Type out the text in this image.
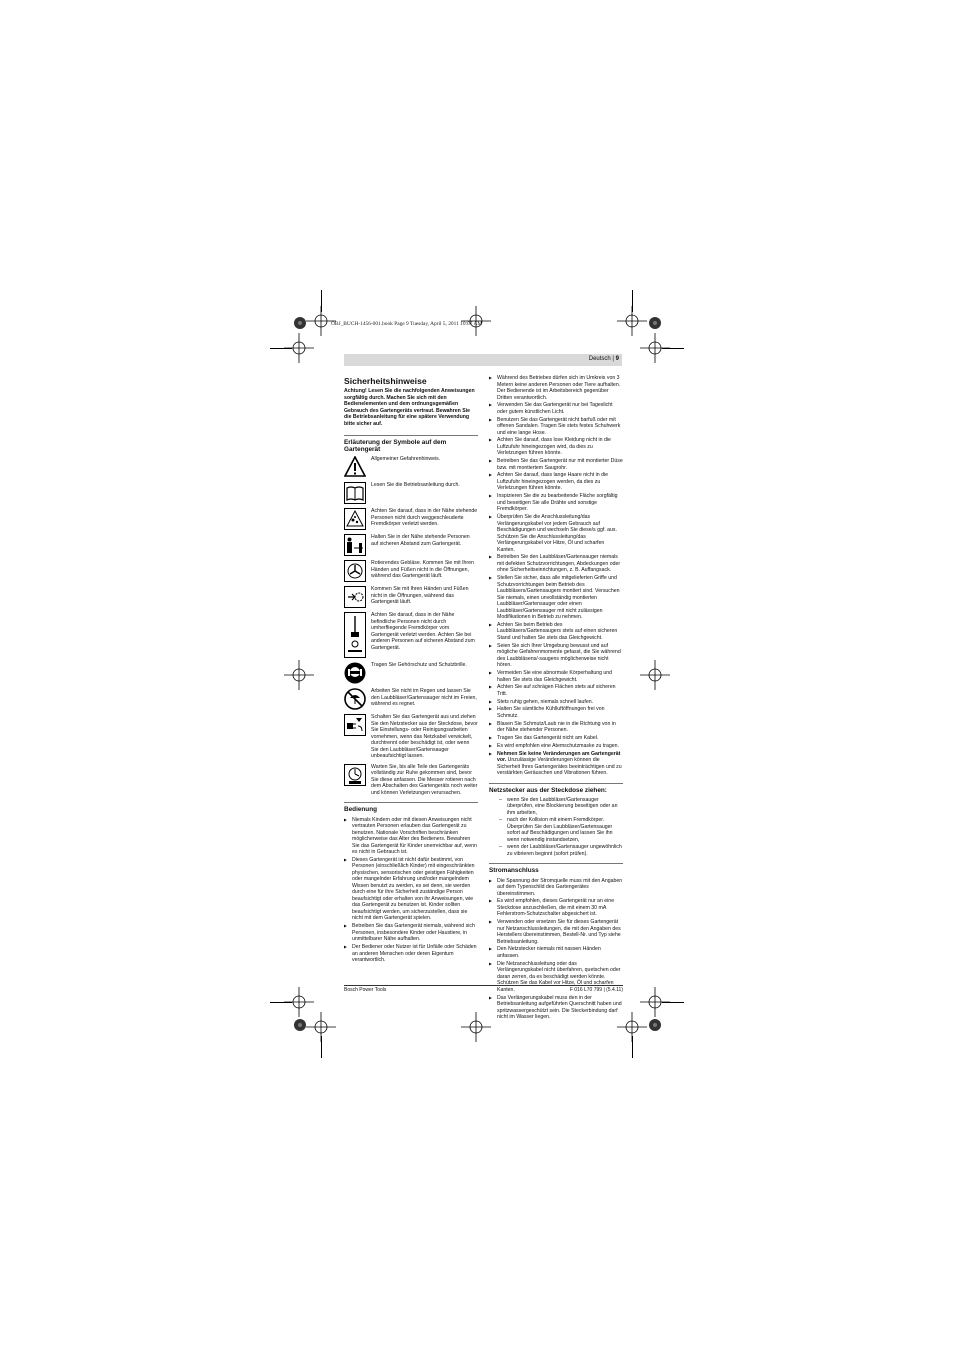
OBJ_BUCH-1456-001.book Page 9 Tuesday, April 5, 2011 10:07 AM
Deutsch | 9
Sicherheitshinweise

Achtung! Lesen Sie die nachfolgenden Anweisungen sorgfältig durch. Machen Sie sich mit den Bedienelementen und dem ordnungsgemäßen Gebrauch des Gartengeräts vertraut. Bewahren Sie die Betriebsanleitung für eine spätere Verwendung bitte sicher auf.

Erläuterung der Symbole auf dem Gartengerät
Allgemeiner Gefahrenhinweis.
Lesen Sie die Betriebsanleitung durch.
Achten Sie darauf, dass in der Nähe stehende Personen nicht durch weggeschleuderte Fremdkörper verletzt werden.
Halten Sie in der Nähe stehende Personen auf sicheren Abstand zum Gartengerät.
Rotierendes Gebläse. Kommen Sie mit Ihren Händen und Füßen nicht in die Öffnungen, während das Gartengerät läuft.
Kommen Sie mit Ihren Händen und Füßen nicht in die Öffnungen, während das Gartengerät läuft.
Achten Sie darauf, dass in der Nähe befindliche Personen nicht durch umherfliegende Fremdkörper vom Gartengerät verletzt werden. Achten Sie bei anderen Personen auf sicheren Abstand zum Gartengerät.
Tragen Sie Gehörschutz und Schutzbrille.
Arbeiten Sie nicht im Regen und lassen Sie den Laubbläser/Gartensauger nicht im Freien, während es regnet.
Schalten Sie das Gartengerät aus und ziehen Sie den Netzstecker aus der Steckdose, bevor Sie Einstellungs- oder Reinigungsarbeiten vornehmen, wenn das Netzkabel verwickelt, durchtrennt oder beschädigt ist, oder wenn Sie den Laubbläser/Gartensauger unbeaufsichtigt lassen.
Warten Sie, bis alle Teile des Gartengeräts vollständig zur Ruhe gekommen sind, bevor Sie diese anfassen. Die Messer rotieren nach dem Abschalten des Gartengeräts noch weiter und können Verletzungen verursachen.
Bedienung
▶ Niemals Kindern oder mit diesen Anweisungen nicht vertrauten Personen erlauben das Gartengerät zu benutzen. Nationale Vorschriften beschränken möglicherweise das Alter des Bedieners. Bewahren Sie das Gartengerät für Kinder unerreichbar auf, wenn es nicht in Gebrauch ist.
▶ Dieses Gartengerät ist nicht dafür bestimmt, von Personen (einschließlich Kinder) mit eingeschränkten physischen, sensorischen oder geistigen Fähigkeiten oder mangelnder Erfahrung und/oder mangelndem Wissen benutzt zu werden, es sei denn, sie werden durch eine für ihre Sicherheit zuständige Person beaufsichtigt oder erhalten von ihr Anweisungen, wie das Gartengerät zu benutzen ist. Kinder sollten beaufsichtigt werden, um sicherzustellen, dass sie nicht mit dem Gartengerät spielen.
▶ Betreiben Sie das Gartengerät niemals, während sich Personen, insbesondere Kinder oder Haustiere, in unmittelbarer Nähe aufhalten.
▶ Der Bediener oder Nutzer ist für Unfälle oder Schäden an anderen Menschen oder deren Eigentum verantwortlich.
▶ Während des Betriebes dürfen sich im Umkreis von 3 Metern keine anderen Personen oder Tiere aufhalten. Der Bedienende ist im Arbeitsbereich gegenüber Dritten verantwortlich.
▶ Verwenden Sie das Gartengerät nur bei Tageslicht oder gutem künstlichen Licht.
▶ Benutzen Sie das Gartengerät nicht barfuß oder mit offenen Sandalen. Tragen Sie stets festes Schuhwerk und eine lange Hose.
▶ Achten Sie darauf, dass lose Kleidung nicht in die Luftzufuhr hineingezogen wird, da dies zu Verletzungen führen könnte.
▶ Betreiben Sie das Gartengerät nur mit montierter Düse bzw. mit montiertem Saugrohr.
▶ Achten Sie darauf, dass lange Haare nicht in die Luftzufuhr hineingezogen werden, da dies zu Verletzungen führen könnte.
▶ Inspizieren Sie die zu bearbeitende Fläche sorgfältig und beseitigen Sie alle Drähte und sonstige Fremdkörper.
▶ Überprüfen Sie die Anschlussleitung/das Verlängerungskabel vor jedem Gebrauch auf Beschädigungen und wechseln Sie diese/s ggf. aus. Schützen Sie die Anschlussleitung/das Verlängerungskabel vor Hitze, Öl und scharfen Kanten.
▶ Betreiben Sie den Laubbläser/Gartensauger niemals mit defekten Schutzvorrichtungen, Abdeckungen oder ohne Sicherheitseinrichtungen, z. B. Auffangsack.
▶ Stellen Sie sicher, dass alle mitgelieferten Griffe und Schutzvorrichtungen beim Betrieb des Laubbläsers/Gartensaugers montiert sind. Versuchen Sie niemals, einen unvollständig montierten Laubbläser/Gartensauger oder einen Laubbläser/Gartensauger mit nicht zulässigen Modifikationen in Betrieb zu nehmen.
▶ Achten Sie beim Betrieb des Laubbläsers/Gartensaugers stets auf einen sicheren Stand und halten Sie stets das Gleichgewicht.
▶ Seien Sie sich Ihrer Umgebung bewusst und auf mögliche Gefahrenmomente gefasst, die Sie während des Laubbläsens/-saugens möglicherweise nicht hören.
▶ Vermeiden Sie eine abnormale Körperhaltung und halten Sie stets das Gleichgewicht.
▶ Achten Sie auf schrägen Flächen stets auf sicheren Tritt.
▶ Stets ruhig gehen, niemals schnell laufen.
▶ Halten Sie sämtliche Kühlluftöffnungen frei von Schmutz.
▶ Blasen Sie Schmutz/Laub nie in die Richtung von in der Nähe stehender Personen.
▶ Tragen Sie das Gartengerät nicht am Kabel.
▶ Es wird empfohlen eine Atemschutzmaske zu tragen.
▶ Nehmen Sie keine Veränderungen am Gartengerät vor. Unzulässige Veränderungen können die Sicherheit Ihres Gartengerätes beeinträchtigen und zu verstärkten Geräuschen und Vibrationen führen.
Netzstecker aus der Steckdose ziehen:
– wenn Sie den Laubbläser/Gartensauger überprüfen, eine Blockierung beseitigen oder an ihm arbeiten,
– nach der Kollision mit einem Fremdkörper. Überprüfen Sie den Laubbläser/Gartensauger sofort auf Beschädigungen und lassen Sie ihn wenn notwendig instandsetzen,
– wenn der Laubbläser/Gartensauger ungewöhnlich zu vibrieren beginnt (sofort prüfen).
Stromanschluss
▶ Die Spannung der Stromquelle muss mit den Angaben auf dem Typenschild des Gartengerätes übereinstimmen.
▶ Es wird empfohlen, dieses Gartengerät nur an eine Steckdose anzuschließen, die mit einem 30 mA Fehlerstrom-Schutzschalter abgesichert ist.
▶ Verwenden oder ersetzen Sie für dieses Gartengerät nur Netzanschlussleitungen, die mit den Angaben des Herstellers übereinstimmen, Bestell-Nr. und Typ siehe Betriebsanleitung.
▶ Den Netzstecker niemals mit nassen Händen anfassen.
▶ Die Netzanschlussleitung oder das Verlängerungskabel nicht überfahren, quetschen oder daran zerren, da es beschädigt werden könnte. Schützen Sie das Kabel vor Hitze, Öl und scharfen Kanten.
▶ Das Verlängerungskabel muss den in der Betriebsanleitung aufgeführten Querschnitt haben und spritzwassergeschützt sein. Die Steckerbindung darf nicht im Wasser liegen.
Bosch Power Tools	F 016 L70 799 | (5.4.11)
